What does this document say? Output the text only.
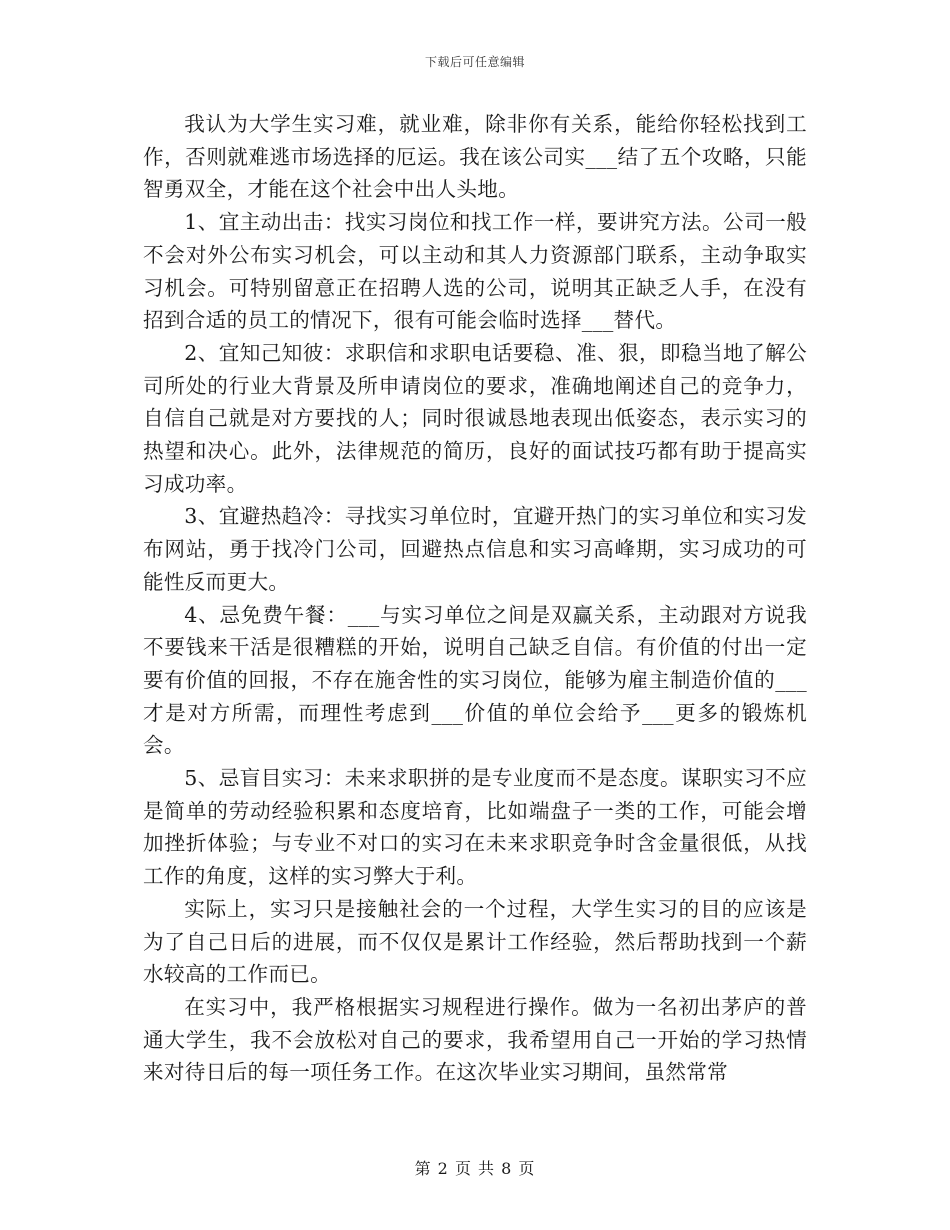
下载后可任意编辑

我认为大学生实习难，就业难，除非你有关系，能给你轻松找到工作，否则就难逃市场选择的厄运。我在该公司实___结了五个攻略，只能智勇双全，才能在这个社会中出人头地。

1、宜主动出击：找实习岗位和找工作一样，要讲究方法。公司一般不会对外公布实习机会，可以主动和其人力资源部门联系，主动争取实习机会。可特别留意正在招聘人选的公司，说明其正缺乏人手，在没有招到合适的员工的情况下，很有可能会临时选择___替代。

2、宜知己知彼：求职信和求职电话要稳、准、狠，即稳当地了解公司所处的行业大背景及所申请岗位的要求，准确地阐述自己的竞争力，自信自己就是对方要找的人；同时很诚恳地表现出低姿态，表示实习的热望和决心。此外，法律规范的简历，良好的面试技巧都有助于提高实习成功率。

3、宜避热趋冷：寻找实习单位时，宜避开热门的实习单位和实习发布网站，勇于找冷门公司，回避热点信息和实习高峰期，实习成功的可能性反而更大。

4、忌免费午餐：___与实习单位之间是双赢关系，主动跟对方说我不要钱来干活是很糟糕的开始，说明自己缺乏自信。有价值的付出一定要有价值的回报，不存在施舍性的实习岗位，能够为雇主制造价值的___才是对方所需，而理性考虑到___价值的单位会给予___更多的锻炼机会。

5、忌盲目实习：未来求职拼的是专业度而不是态度。谋职实习不应是简单的劳动经验积累和态度培育，比如端盘子一类的工作，可能会增加挫折体验；与专业不对口的实习在未来求职竞争时含金量很低，从找工作的角度，这样的实习弊大于利。

实际上，实习只是接触社会的一个过程，大学生实习的目的应该是为了自己日后的进展，而不仅仅是累计工作经验，然后帮助找到一个薪水较高的工作而已。

在实习中，我严格根据实习规程进行操作。做为一名初出茅庐的普通大学生，我不会放松对自己的要求，我希望用自己一开始的学习热情来对待日后的每一项任务工作。在这次毕业实习期间，虽然常常

第 2 页 共 8 页
